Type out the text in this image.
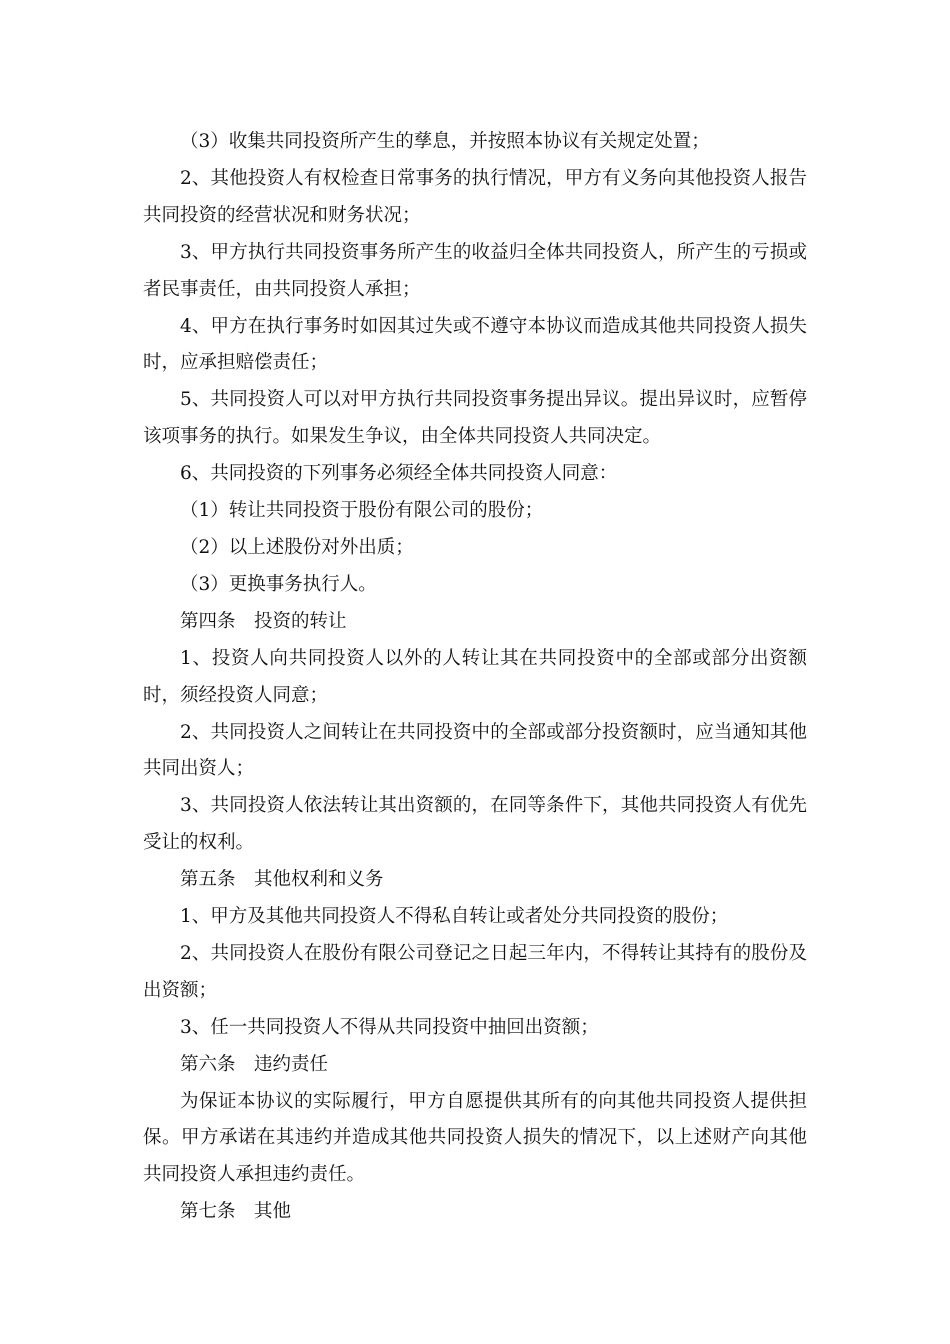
（3）收集共同投资所产生的孳息，并按照本协议有关规定处置；

2、其他投资人有权检查日常事务的执行情况，甲方有义务向其他投资人报告共同投资的经营状况和财务状况；

3、甲方执行共同投资事务所产生的收益归全体共同投资人，所产生的亏损或者民事责任，由共同投资人承担；

4、甲方在执行事务时如因其过失或不遵守本协议而造成其他共同投资人损失时，应承担赔偿责任；

5、共同投资人可以对甲方执行共同投资事务提出异议。提出异议时，应暂停该项事务的执行。如果发生争议，由全体共同投资人共同决定。

6、共同投资的下列事务必须经全体共同投资人同意：

（1）转让共同投资于股份有限公司的股份；

（2）以上述股份对外出质；

（3）更换事务执行人。

第四条　投资的转让

1、投资人向共同投资人以外的人转让其在共同投资中的全部或部分出资额时，须经投资人同意；

2、共同投资人之间转让在共同投资中的全部或部分投资额时，应当通知其他共同出资人；

3、共同投资人依法转让其出资额的，在同等条件下，其他共同投资人有优先受让的权利。

第五条　其他权利和义务

1、甲方及其他共同投资人不得私自转让或者处分共同投资的股份；

2、共同投资人在股份有限公司登记之日起三年内，不得转让其持有的股份及出资额；

3、任一共同投资人不得从共同投资中抽回出资额；

第六条　违约责任

为保证本协议的实际履行，甲方自愿提供其所有的向其他共同投资人提供担保。甲方承诺在其违约并造成其他共同投资人损失的情况下，以上述财产向其他共同投资人承担违约责任。

第七条　其他
